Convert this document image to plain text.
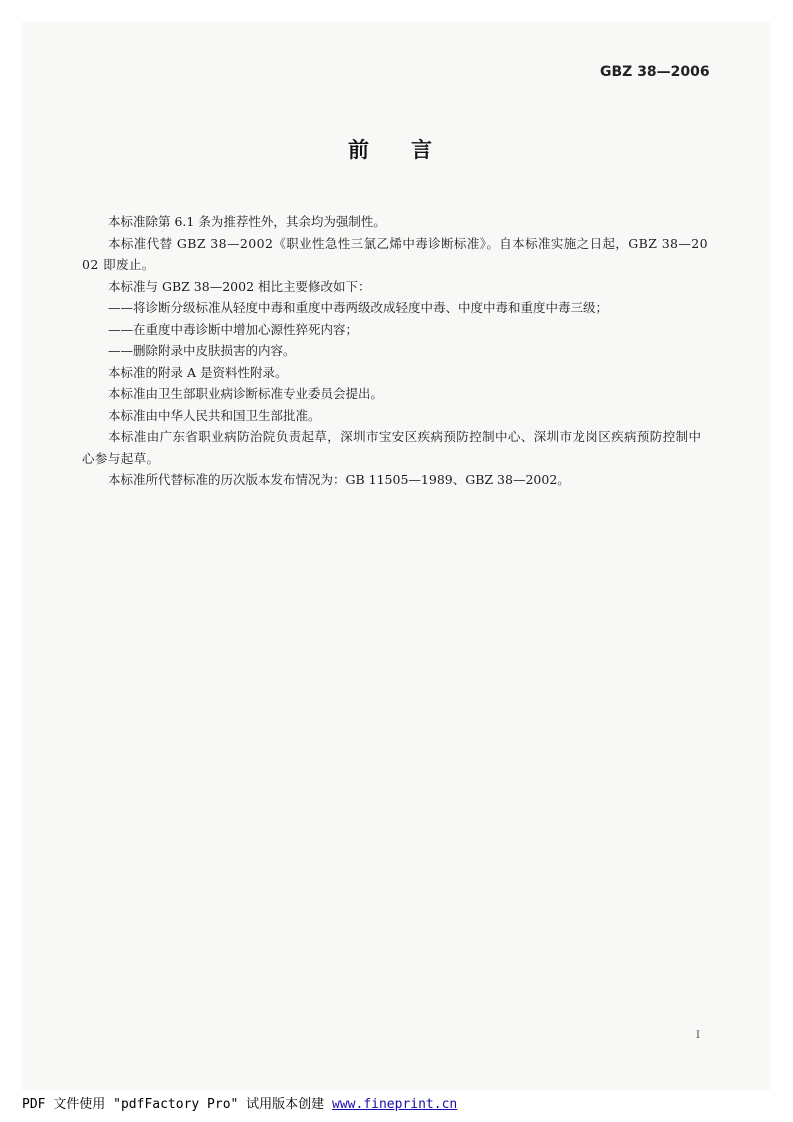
GBZ 38—2006
前　　言

本标准除第 6.1 条为推荐性外，其余均为强制性。

本标准代替 GBZ 38—2002《职业性急性三氯乙烯中毒诊断标准》。自本标准实施之日起，GBZ 38—2002 即废止。

本标准与 GBZ 38—2002 相比主要修改如下：

——将诊断分级标准从轻度中毒和重度中毒两级改成轻度中毒、中度中毒和重度中毒三级；

——在重度中毒诊断中增加心源性猝死内容；

——删除附录中皮肤损害的内容。

本标准的附录 A 是资料性附录。

本标准由卫生部职业病诊断标准专业委员会提出。

本标准由中华人民共和国卫生部批准。

本标准由广东省职业病防治院负责起草，深圳市宝安区疾病预防控制中心、深圳市龙岗区疾病预防控制中心参与起草。

本标准所代替标准的历次版本发布情况为：GB 11505—1989、GBZ 38—2002。

I
PDF 文件使用 "pdfFactory Pro" 试用版本创建 www.fineprint.cn
